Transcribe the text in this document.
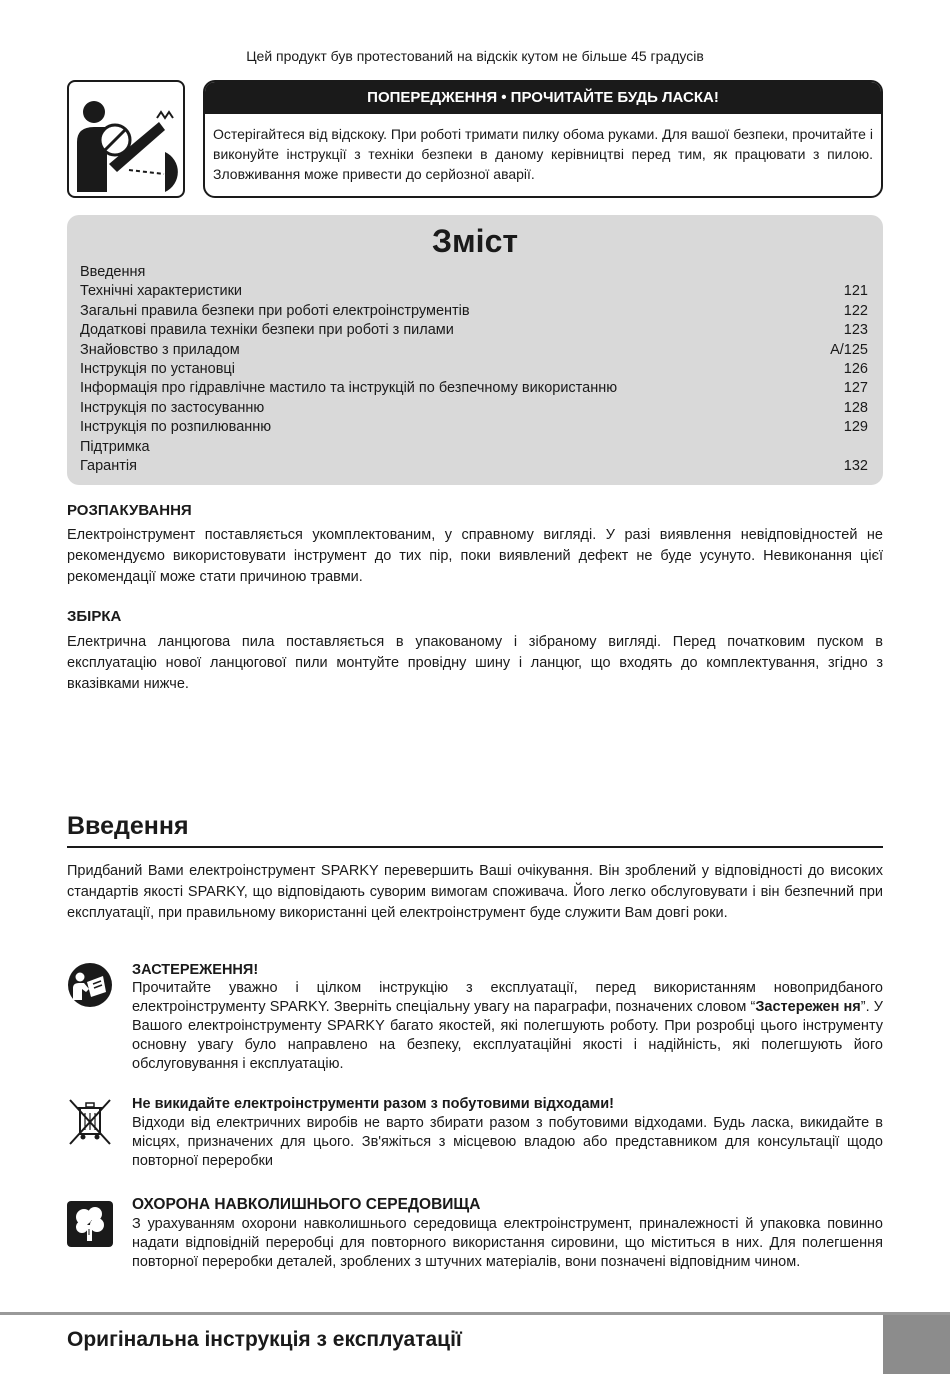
Цей продукт був протестований на відскік кутом не більше 45 градусів
ПОПЕРЕДЖЕННЯ • ПРОЧИТАЙТЕ БУДЬ ЛАСКА!
Остерігайтеся від відскоку. При роботі тримати пилку обома руками. Для вашої безпеки, прочитайте і виконуйте інструкції з техніки безпеки в даному керівництві перед тим, як працювати з пилою. Зловживання може привести до серйозної аварії.
Зміст
Введення
Технічні характеристики	121
Загальні правила безпеки при роботі електроінструментів	122
Додаткові правила техніки безпеки при роботі з пилами	123
Знайовство з приладом	A/125
Інструкція по установці	126
Інформація про гідравлічне мастило та інструкцій по безпечному використанню	127
Інструкція по застосуванню	128
Інструкція по розпилюванню	129
Підтримка
Гарантія	132
РОЗПАКУВАННЯ
Електроінструмент поставляється укомплектованим, у справному вигляді. У разі виявлення невідповідностей не рекомендуємо використовувати інструмент до тих пір, поки виявлений дефект не буде усунуто. Невиконання цієї рекомендації може стати причиною травми.
ЗБІРКА
Електрична ланцюгова пила поставляється в упакованому і зібраному вигляді. Перед початковим пуском в експлуатацію нової ланцюгової пили монтуйте провідну шину і ланцюг, що входять до комплектування, згідно з вказівками нижче.
Введення
Придбаний Вами електроінструмент SPARKY перевершить Ваші очікування. Він зроблений у відповідності до високих стандартів якості SPARKY, що відповідають суворим вимогам споживача. Його легко обслуговувати і він безпечний при експлуатації, при правильному використанні цей електроінструмент буде служити Вам довгі роки.
ЗАСТЕРЕЖЕННЯ!
Прочитайте уважно і цілком інструкцію з експлуатації, перед використанням новопридбаного електроінструменту SPARKY. Зверніть спеціальну увагу на параграфи, позначених словом “Застережен ня”. У Вашого електроінструменту SPARKY багато якостей, які полегшують роботу. При розробці цього інструменту основну увагу було направлено на безпеку, експлуатаційні якості і надійність, які полегшують його обслуговування і експлуатацію.
Не викидайте електроінструменти разом з побутовими відходами!
Відходи від електричних виробів не варто збирати разом з побутовими відходами. Будь ласка, викидайте в місцях, призначених для цього. Зв'яжіться з місцевою владою або представником для консультації щодо повторної переробки
ОХОРОНА НАВКОЛИШНЬОГО СЕРЕДОВИЩА
З урахуванням охорони навколишнього середовища електроінструмент, приналежності й упаковка повинно надати відповідній переробці для повторного використання сировини, що міститься в них. Для полегшення повторної переробки деталей, зроблених з штучних матеріалів, вони позначені відповідним чином.
Оригінальна інструкція з експлуатації
